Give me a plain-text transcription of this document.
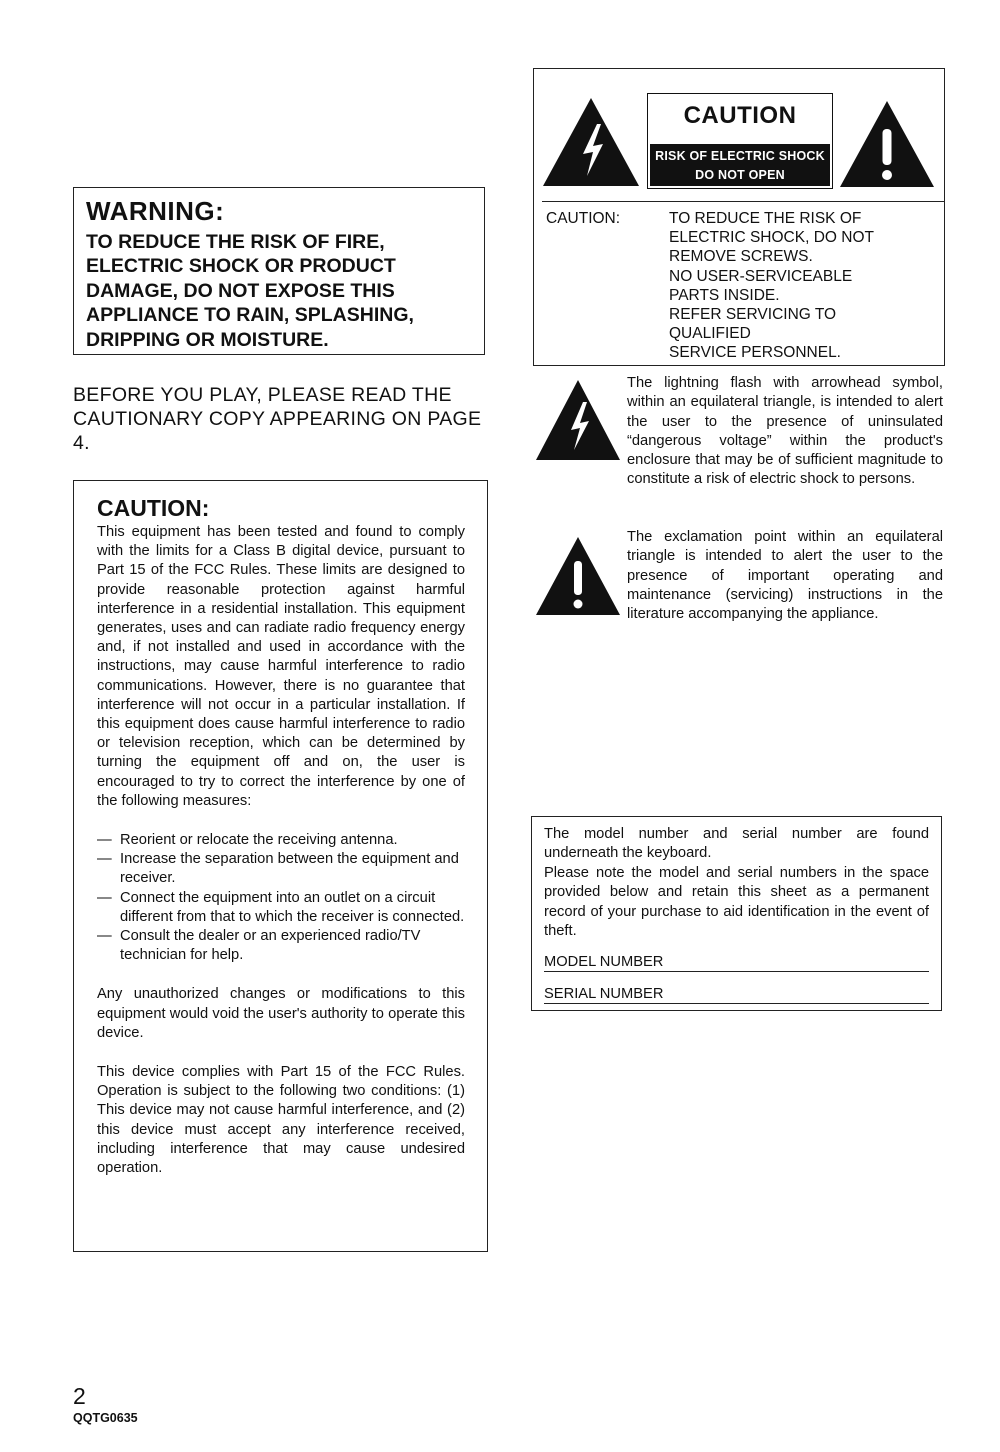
WARNING:
TO REDUCE THE RISK OF FIRE, ELECTRIC SHOCK OR PRODUCT DAMAGE, DO NOT EXPOSE THIS APPLIANCE TO RAIN, SPLASHING, DRIPPING OR MOISTURE.
BEFORE YOU PLAY, PLEASE READ THE CAUTIONARY COPY APPEARING ON PAGE 4.
CAUTION:

This equipment has been tested and found to comply with the limits for a Class B digital device, pursuant to Part 15 of the FCC Rules. These limits are designed to provide reasonable protection against harmful interference in a residential installation. This equipment generates, uses and can radiate radio frequency energy and, if not installed and used in accordance with the instructions, may cause harmful interference to radio communications. However, there is no guarantee that interference will not occur in a particular installation. If this equipment does cause harmful interference to radio or television reception, which can be determined by turning the equipment off and on, the user is encouraged to try to correct the interference by one of the following measures:

— Reorient or relocate the receiving antenna.
— Increase the separation between the equipment and receiver.
— Connect the equipment into an outlet on a circuit different from that to which the receiver is connected.
— Consult the dealer or an experienced radio/TV technician for help.

Any unauthorized changes or modifications to this equipment would void the user's authority to operate this device.

This device complies with Part 15 of the FCC Rules. Operation is subject to the following two conditions: (1) This device may not cause harmful interference, and (2) this device must accept any interference received, including interference that may cause undesired operation.

CAUTION
RISK OF ELECTRIC SHOCK
DO NOT OPEN
CAUTION:	TO REDUCE THE RISK OF
ELECTRIC SHOCK, DO NOT
REMOVE SCREWS.
NO USER-SERVICEABLE
PARTS INSIDE.
REFER SERVICING TO
QUALIFIED
SERVICE PERSONNEL.
The lightning flash with arrowhead symbol, within an equilateral triangle, is intended to alert the user to the presence of uninsulated “dangerous voltage” within the product's enclosure that may be of sufficient magnitude to constitute a risk of electric shock to persons.
The exclamation point within an equilateral triangle is intended to alert the user to the presence of important operating and maintenance (servicing) instructions in the literature accompanying the appliance.

The model number and serial number are found underneath the keyboard.

Please note the model and serial numbers in the space provided below and retain this sheet as a permanent record of your purchase to aid identification in the event of theft.

MODEL NUMBER
SERIAL NUMBER
2
QQTG0635
